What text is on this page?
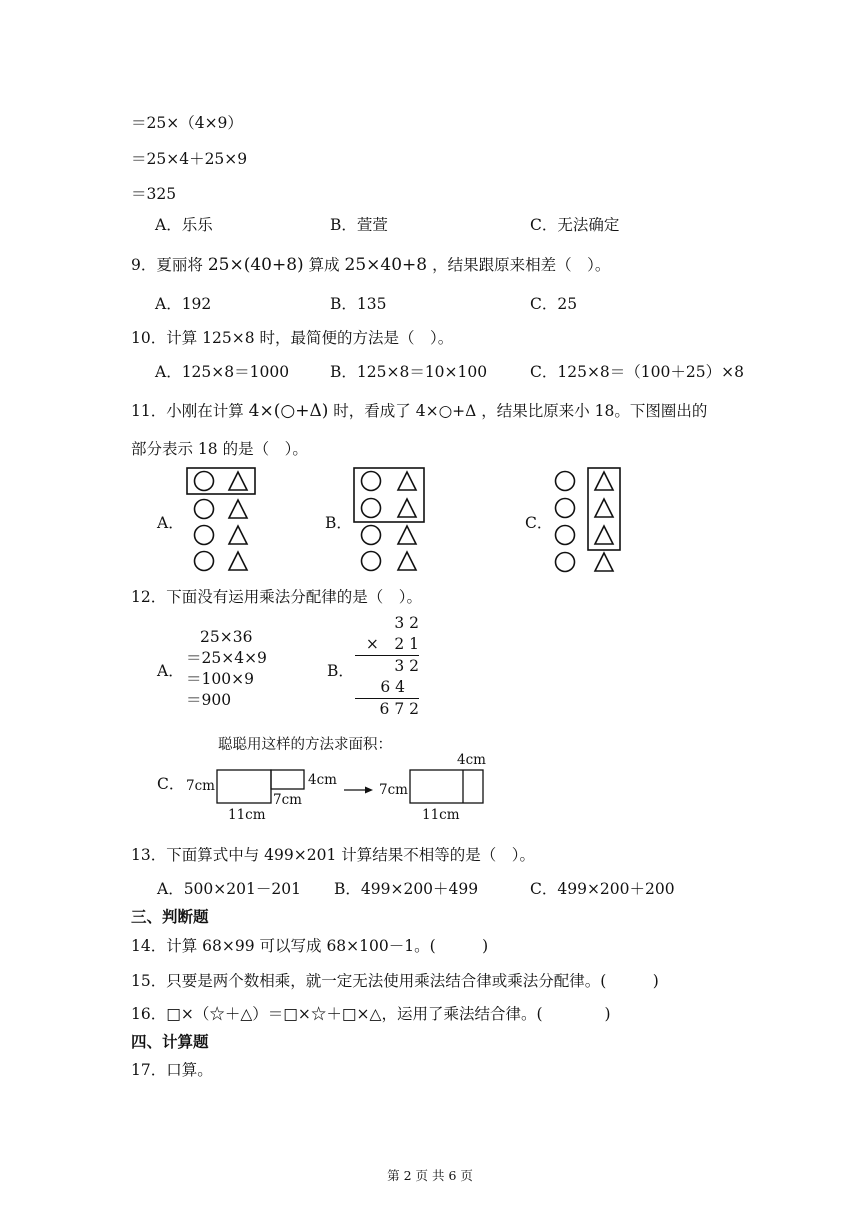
＝25×（4×9）
＝25×4＋25×9
＝325
A．乐乐	B．萱萱	C．无法确定
9．夏丽将 25×(40+8) 算成 25×40+8 ，结果跟原来相差（　）。
A．192	B．135	C．25
10．计算 125×8 时，最简便的方法是（　）。
A．125×8＝1000	B．125×8＝10×100	C．125×8＝（100＋25）×8
11．小刚在计算 4×(○+Δ) 时，看成了 4×○+Δ ，结果比原来小 18。下图圈出的
部分表示 18 的是（　）。
A．	B．	C．
12．下面没有运用乘法分配律的是（　）。
A．
25×36
＝25×4×9
＝100×9
＝900
B．
3 2
×　2 1
3 2
6 4
6 7 2
聪聪用这样的方法求面积：
C． 7cm	4cm
7cm
11cm
7cm
4cm
11cm
13．下面算式中与 499×201 计算结果不相等的是（　）。
A．500×201－201 B．499×200＋499	C．499×200＋200
三、判断题
14．计算 68×99 可以写成 68×100－1。(　　　)
15．只要是两个数相乘，就一定无法使用乘法结合律或乘法分配律。(　　　)
16．□×（☆＋△）＝□×☆＋□×△，运用了乘法结合律。(　　　　)
四、计算题
17．口算。
第 2 页 共 6 页
